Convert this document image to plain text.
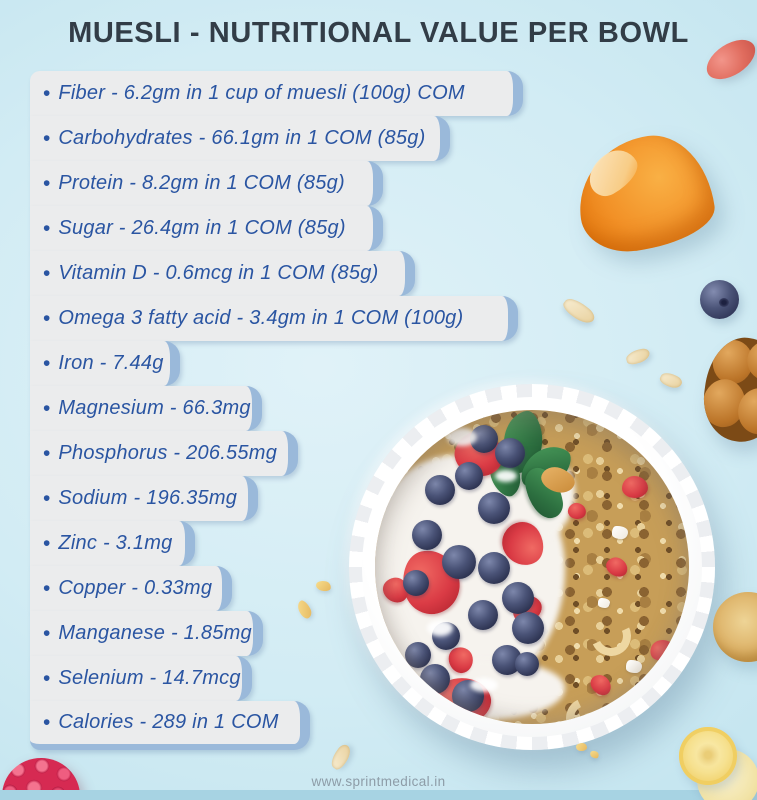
MUESLI - NUTRITIONAL VALUE PER BOWL
• Fiber - 6.2gm in 1 cup of muesli (100g) COM
• Carbohydrates - 66.1gm in 1 COM (85g)
• Protein - 8.2gm in 1 COM (85g)
• Sugar - 26.4gm in 1 COM (85g)
• Vitamin D - 0.6mcg in 1 COM (85g)
• Omega 3 fatty acid - 3.4gm in 1 COM (100g)
• Iron - 7.44g
• Magnesium - 66.3mg
• Phosphorus - 206.55mg
• Sodium - 196.35mg
• Zinc - 3.1mg
• Copper - 0.33mg
• Manganese - 1.85mg
• Selenium - 14.7mcg
• Calories - 289 in 1 COM
www.sprintmedical.in
